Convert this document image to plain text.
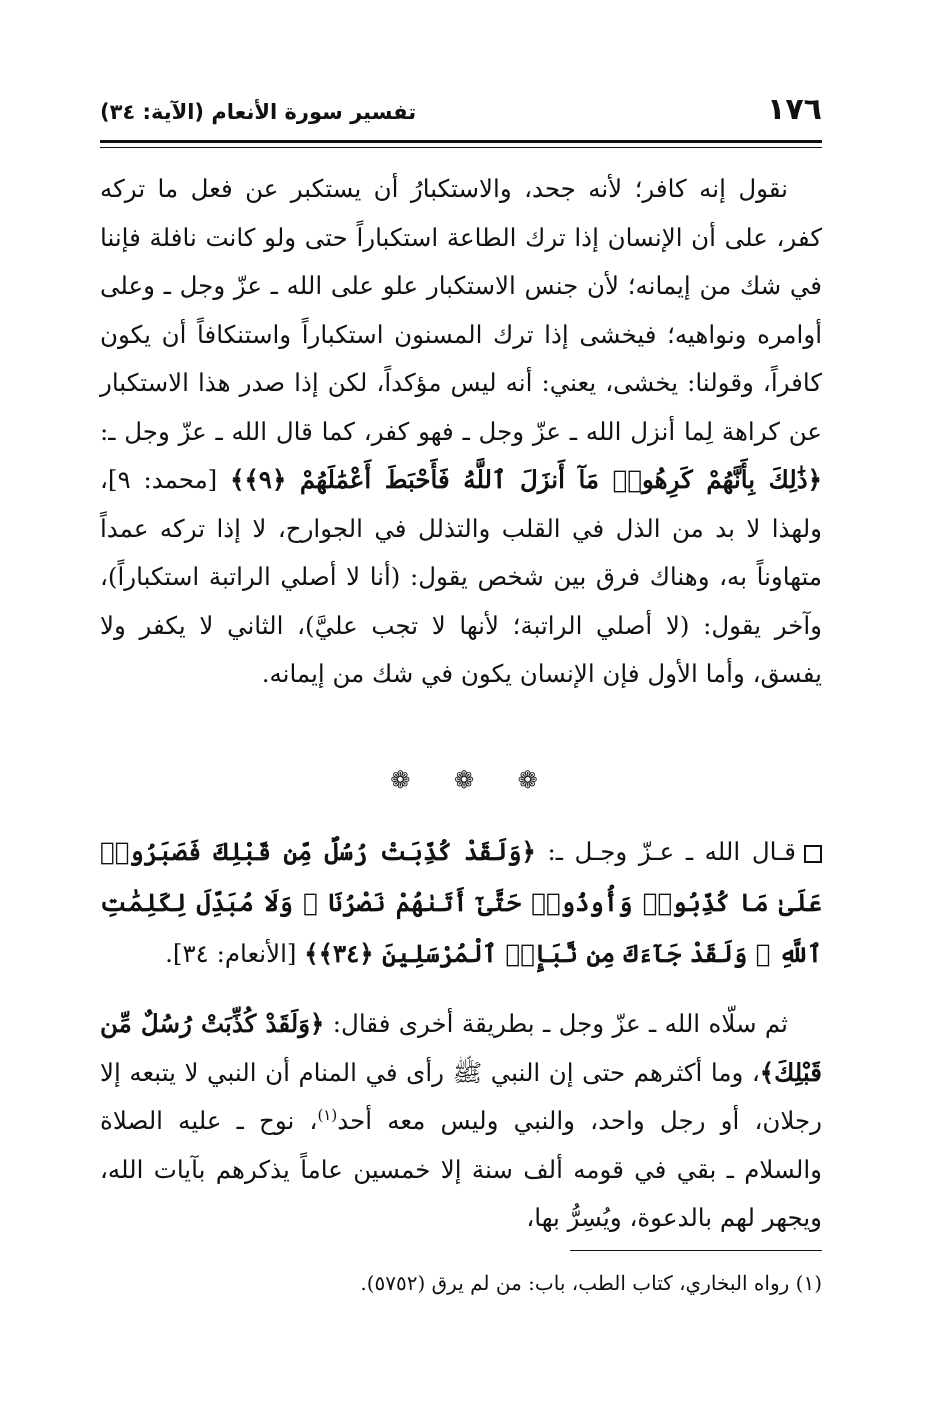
١٧٦
تفسير سورة الأنعام (الآية: ٣٤)

نقول إنه كافر؛ لأنه جحد، والاستكبارُ أن يستكبر عن فعل ما تركه كفر، على أن الإنسان إذا ترك الطاعة استكباراً حتى ولو كانت نافلة فإننا في شك من إيمانه؛ لأن جنس الاستكبار علو على الله ـ عزّ وجل ـ وعلى أوامره ونواهيه؛ فيخشى إذا ترك المسنون استكباراً واستنكافاً أن يكون كافراً، وقولنا: يخشى، يعني: أنه ليس مؤكداً، لكن إذا صدر هذا الاستكبار عن كراهة لِما أنزل الله ـ عزّ وجل ـ فهو كفر، كما قال الله ـ عزّ وجل ـ: ﴿ذَٰلِكَ بِأَنَّهُمْ كَرِهُوا۟ مَآ أَنزَلَ ٱللَّهُ فَأَحْبَطَ أَعْمَٰلَهُمْ ﴿٩﴾﴾ [محمد: ٩]، ولهذا لا بد من الذل في القلب والتذلل في الجوارح، لا إذا تركه عمداً متهاوناً به، وهناك فرق بين شخص يقول: (أنا لا أصلي الراتبة استكباراً)، وآخر يقول: (لا أصلي الراتبة؛ لأنها لا تجب عليَّ)، الثاني لا يكفر ولا يفسق، وأما الأول فإن الإنسان يكون في شك من إيمانه.

❁ ❁ ❁

قـال الله ـ عـزّ وجـل ـ: ﴿وَلَقَدْ كُذِّبَتْ رُسُلٌ مِّن قَبْلِكَ فَصَبَرُوا۟ عَلَىٰ مَا كُذِّبُوا۟ وَأُوذُوا۟ حَتَّىٰٓ أَتَىٰهُمْ نَصْرُنَا ۚ وَلَا مُبَدِّلَ لِكَلِمَٰتِ ٱللَّهِ ۚ وَلَقَدْ جَآءَكَ مِن نَّبَإِى۟ ٱلْمُرْسَلِينَ ﴿٣٤﴾﴾ [الأنعام: ٣٤].

ثم سلّاه الله ـ عزّ وجل ـ بطريقة أخرى فقال: ﴿وَلَقَدْ كُذِّبَتْ رُسُلٌ مِّن قَبْلِكَ﴾، وما أكثرهم حتى إن النبي ﷺ رأى في المنام أن النبي لا يتبعه إلا رجلان، أو رجل واحد، والنبي وليس معه أحد$^{(١)}$، نوح ـ عليه الصلاة والسلام ـ بقي في قومه ألف سنة إلا خمسين عاماً يذكرهم بآيات الله، ويجهر لهم بالدعوة، ويُسِرُّ بها،

(١) رواه البخاري، كتاب الطب، باب: من لم يرق (٥٧٥٢).
